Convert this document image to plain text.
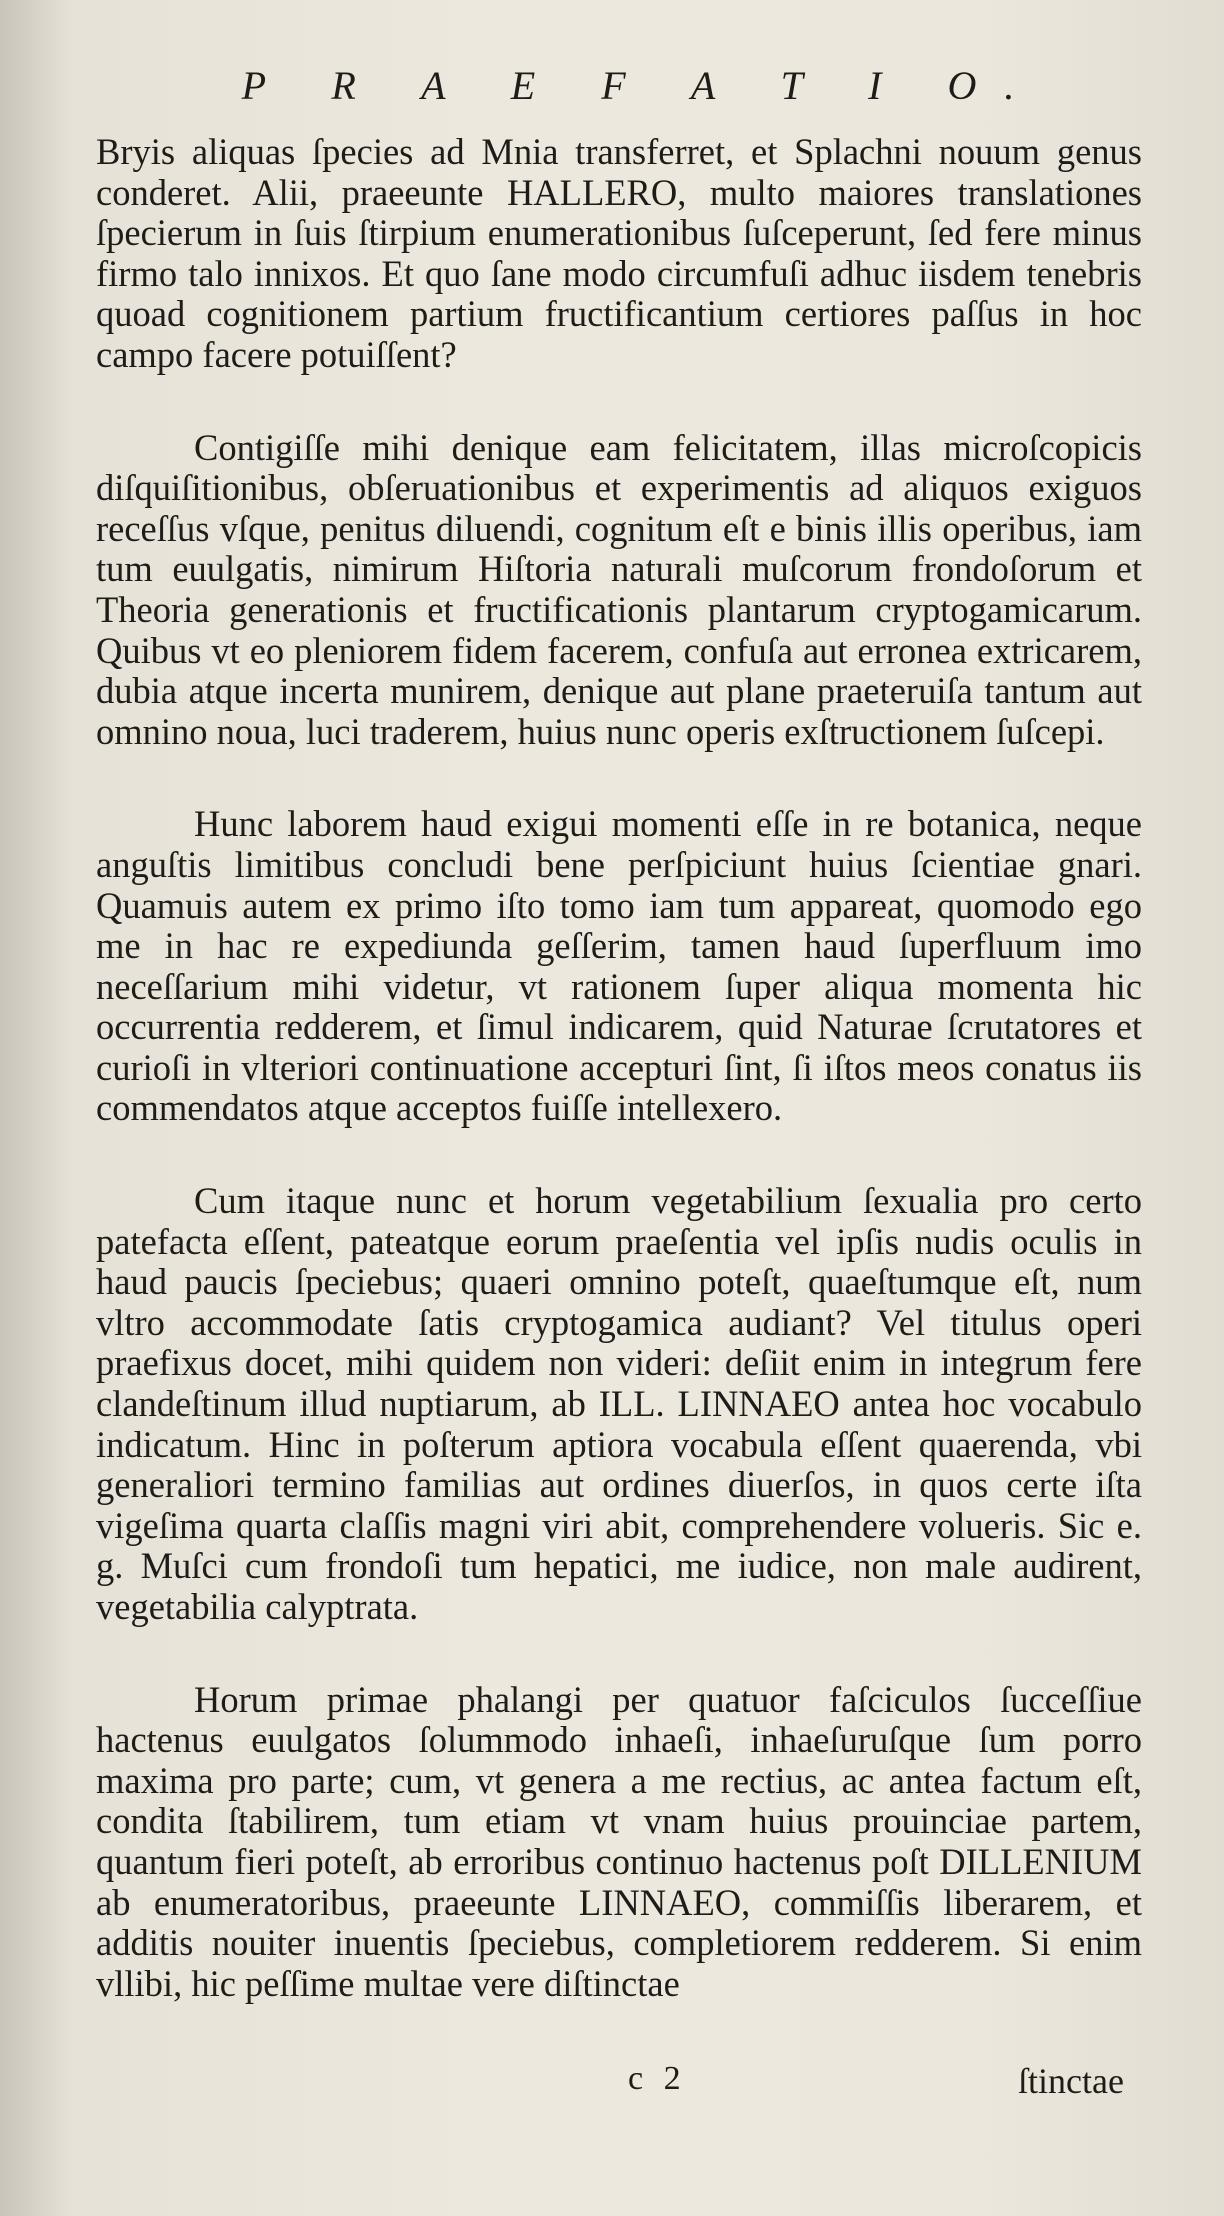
P R A E F A T I O.

Bryis aliquas ſpecies ad Mnia transferret, et Splachni nouum genus conderet. Alii, praeeunte HALLERO, multo maiores translationes ſpecierum in ſuis ſtirpium enumerationibus ſuſceperunt, ſed fere minus firmo talo innixos. Et quo ſane modo circumfuſi adhuc iisdem tenebris quoad cognitionem partium fructificantium certiores paſſus in hoc campo facere potuiſſent?

Contigiſſe mihi denique eam felicitatem, illas microſcopicis diſquiſitionibus, obſeruationibus et experimentis ad aliquos exiguos receſſus vſque, penitus diluendi, cognitum eſt e binis illis operibus, iam tum euulgatis, nimirum Hiſtoria naturali muſcorum frondoſorum et Theoria generationis et fructificationis plantarum cryptogamicarum. Quibus vt eo pleniorem fidem facerem, confuſa aut erronea extricarem, dubia atque incerta munirem, denique aut plane praeteruiſa tantum aut omnino noua, luci traderem, huius nunc operis exſtructionem ſuſcepi.

Hunc laborem haud exigui momenti eſſe in re botanica, neque anguſtis limitibus concludi bene perſpiciunt huius ſcientiae gnari. Quamuis autem ex primo iſto tomo iam tum appareat, quomodo ego me in hac re expediunda geſſerim, tamen haud ſuperfluum imo neceſſarium mihi videtur, vt rationem ſuper aliqua momenta hic occurrentia redderem, et ſimul indicarem, quid Naturae ſcrutatores et curioſi in vlteriori continuatione accepturi ſint, ſi iſtos meos conatus iis commendatos atque acceptos fuiſſe intellexero.

Cum itaque nunc et horum vegetabilium ſexualia pro certo patefacta eſſent, pateatque eorum praeſentia vel ipſis nudis oculis in haud paucis ſpeciebus; quaeri omnino poteſt, quaeſtumque eſt, num vltro accommodate ſatis cryptogamica audiant? Vel titulus operi praefixus docet, mihi quidem non videri: deſiit enim in integrum fere clandeſtinum illud nuptiarum, ab ILL. LINNAEO antea hoc vocabulo indicatum. Hinc in poſterum aptiora vocabula eſſent quaerenda, vbi generaliori termino familias aut ordines diuerſos, in quos certe iſta vigeſima quarta claſſis magni viri abit, comprehendere volueris. Sic e. g. Muſci cum frondoſi tum hepatici, me iudice, non male audirent, vegetabilia calyptrata.

Horum primae phalangi per quatuor faſciculos ſucceſſiue hactenus euulgatos ſolummodo inhaeſi, inhaeſuruſque ſum porro maxima pro parte; cum, vt genera a me rectius, ac antea factum eſt, condita ſtabilirem, tum etiam vt vnam huius prouinciae partem, quantum fieri poteſt, ab erroribus continuo hactenus poſt DILLENIUM ab enumeratoribus, praeeunte LINNAEO, commiſſis liberarem, et additis nouiter inuentis ſpeciebus, completiorem redderem. Si enim vllibi, hic peſſime multae vere diſtinctae

c 2	ſtinctae
